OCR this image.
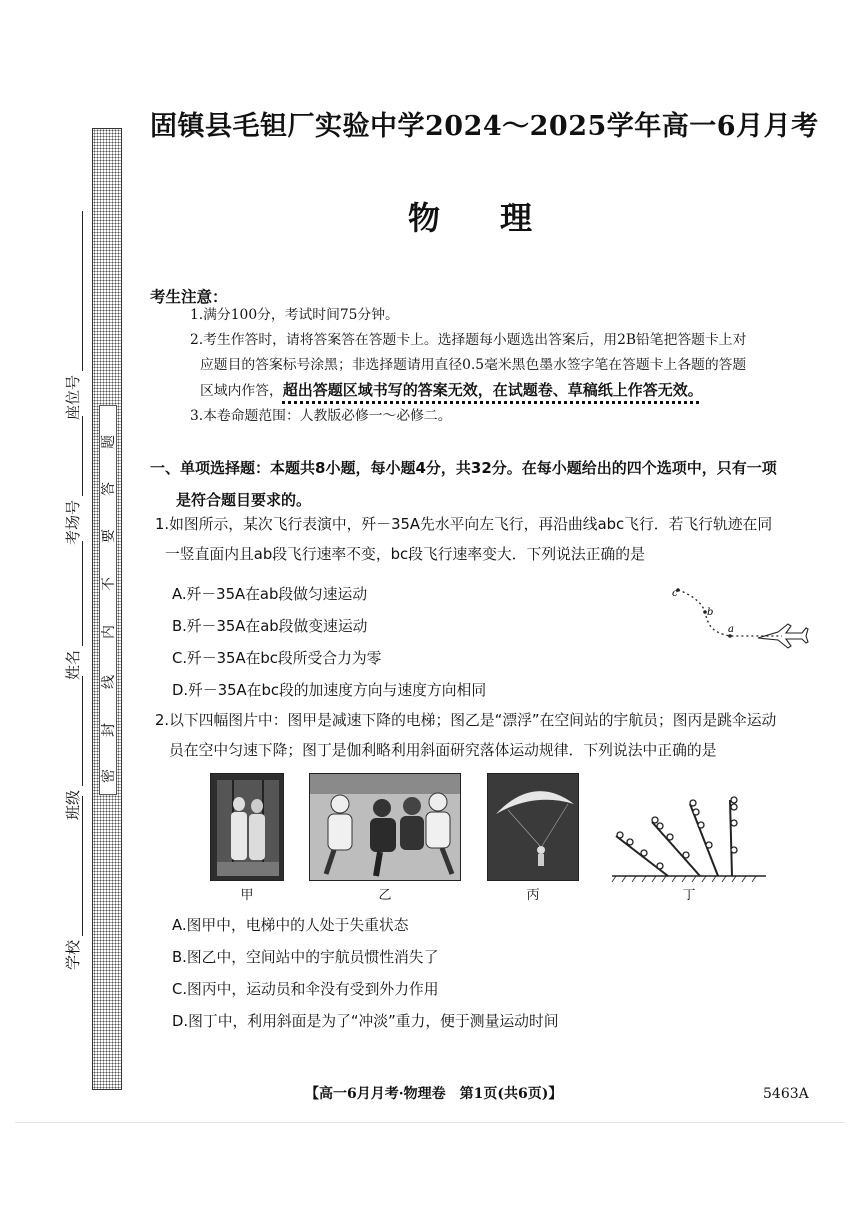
题
答
要
不
内
线
封
密
座位号
考场号
姓名
班级
学校
固镇县毛钽厂实验中学2024～2025学年高一6月月考
物理
考生注意：
1.满分100分，考试时间75分钟。
2.考生作答时，请将答案答在答题卡上。选择题每小题选出答案后，用2B铅笔把答题卡上对
应题目的答案标号涂黑；非选择题请用直径0.5毫米黑色墨水签字笔在答题卡上各题的答题
区域内作答，超出答题区域书写的答案无效，在试题卷、草稿纸上作答无效。
3.本卷命题范围：人教版必修一～必修二。
一、单项选择题：本题共8小题，每小题4分，共32分。在每小题给出的四个选项中，只有一项
是符合题目要求的。
1.如图所示，某次飞行表演中，歼－35A先水平向左飞行，再沿曲线abc飞行．若飞行轨迹在同
一竖直面内且ab段飞行速率不变，bc段飞行速率变大．下列说法正确的是
A.歼－35A在ab段做匀速运动
B.歼－35A在ab段做变速运动
C.歼－35A在bc段所受合力为零
D.歼－35A在bc段的加速度方向与速度方向相同
c
b
a
2.以下四幅图片中：图甲是减速下降的电梯；图乙是“漂浮”在空间站的宇航员；图丙是跳伞运动
员在空中匀速下降；图丁是伽利略利用斜面研究落体运动规律．下列说法中正确的是
甲	乙	丙	丁
A.图甲中，电梯中的人处于失重状态
B.图乙中，空间站中的宇航员惯性消失了
C.图丙中，运动员和伞没有受到外力作用
D.图丁中，利用斜面是为了“冲淡”重力，便于测量运动时间
【高一6月月考·物理卷　第1页(共6页)】	5463A
